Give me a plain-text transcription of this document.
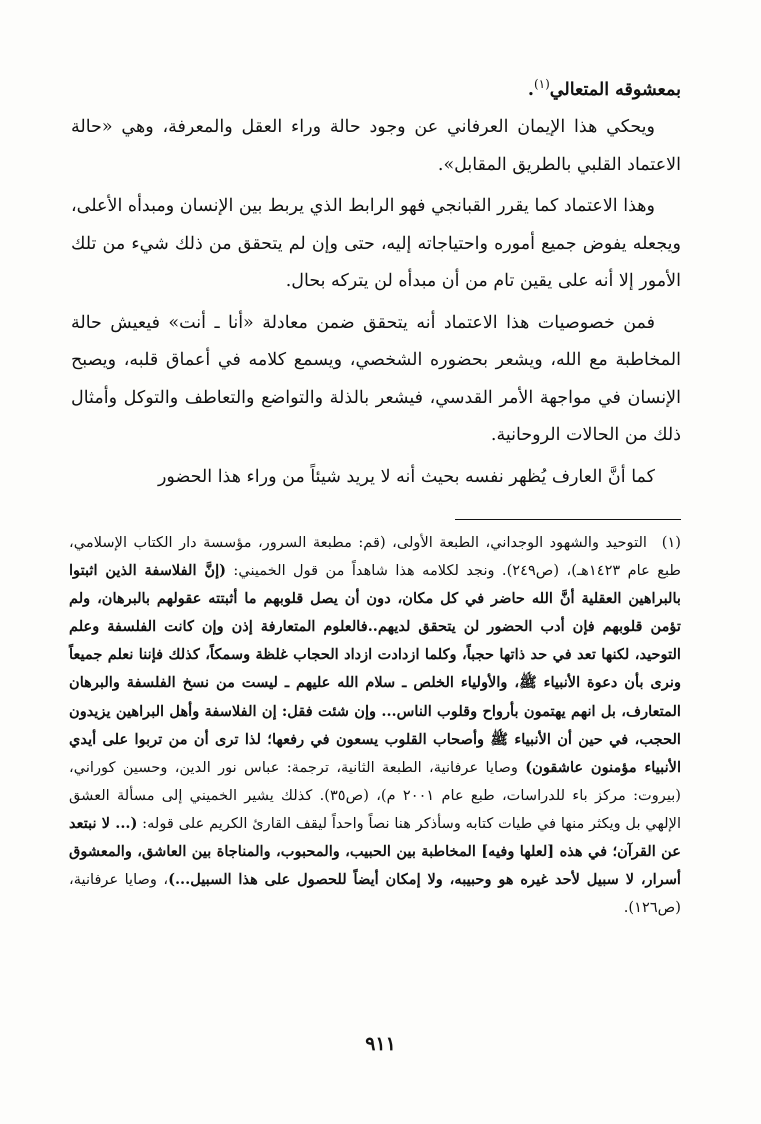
بمعشوقه المتعالي$^{(١)}$.

ويحكي هذا الإيمان العرفاني عن وجود حالة وراء العقل والمعرفة، وهي «حالة الاعتماد القلبي بالطريق المقابل».

وهذا الاعتماد كما يقرر القبانجي فهو الرابط الذي يربط بين الإنسان ومبدأه الأعلى، ويجعله يفوض جميع أموره واحتياجاته إليه، حتى وإن لم يتحقق من ذلك شيء من تلك الأمور إلا أنه على يقين تام من أن مبدأه لن يتركه بحال.

فمن خصوصيات هذا الاعتماد أنه يتحقق ضمن معادلة «أنا ـ أنت» فيعيش حالة المخاطبة مع الله، ويشعر بحضوره الشخصي، ويسمع كلامه في أعماق قلبه، ويصبح الإنسان في مواجهة الأمر القدسي، فيشعر بالذلة والتواضع والتعاطف والتوكل وأمثال ذلك من الحالات الروحانية.

كما أنَّ العارف يُظهر نفسه بحيث أنه لا يريد شيئاً من وراء هذا الحضور

(١)التوحيد والشهود الوجداني، الطبعة الأولى، (قم: مطبعة السرور، مؤسسة دار الكتاب الإسلامي، طبع عام ١٤٢٣هـ)، (ص٢٤٩). ونجد لكلامه هذا شاهداً من قول الخميني: (إنَّ الفلاسفة الذين اثبتوا بالبراهين العقلية أنَّ الله حاضر في كل مكان، دون أن يصل قلوبهم ما أثبتته عقولهم بالبرهان، ولم تؤمن قلوبهم فإن أدب الحضور لن يتحقق لديهم..فالعلوم المتعارفة إذن وإن كانت الفلسفة وعلم التوحيد، لكنها تعد في حد ذاتها حجباً، وكلما ازدادت ازداد الحجاب غلظة وسمكاً، كذلك فإننا نعلم جميعاً ونرى بأن دعوة الأنبياء ﷺ، والأولياء الخلص ـ سلام الله عليهم ـ ليست من نسخ الفلسفة والبرهان المتعارف، بل انهم يهتمون بأرواح وقلوب الناس... وإن شئت فقل: إن الفلاسفة وأهل البراهين يزيدون الحجب، في حين أن الأنبياء ﷺ وأصحاب القلوب يسعون في رفعها؛ لذا ترى أن من تربوا على أيدي الأنبياء مؤمنون عاشقون) وصايا عرفانية، الطبعة الثانية، ترجمة: عباس نور الدين، وحسين كوراني، (بيروت: مركز باء للدراسات، طبع عام ٢٠٠١ م)، (ص٣٥). كذلك يشير الخميني إلى مسألة العشق الإلهي بل ويكثر منها في طيات كتابه وسأذكر هنا نصاً واحداً ليقف القارئ الكريم على قوله: (... لا نبتعد عن القرآن؛ في هذه [لعلها وفيه] المخاطبة بين الحبيب، والمحبوب، والمناجاة بين العاشق، والمعشوق أسرار، لا سبيل لأحد غيره هو وحبيبه، ولا إمكان أيضاً للحصول على هذا السبيل...)، وصايا عرفانية، (ص١٢٦).

٩١١
